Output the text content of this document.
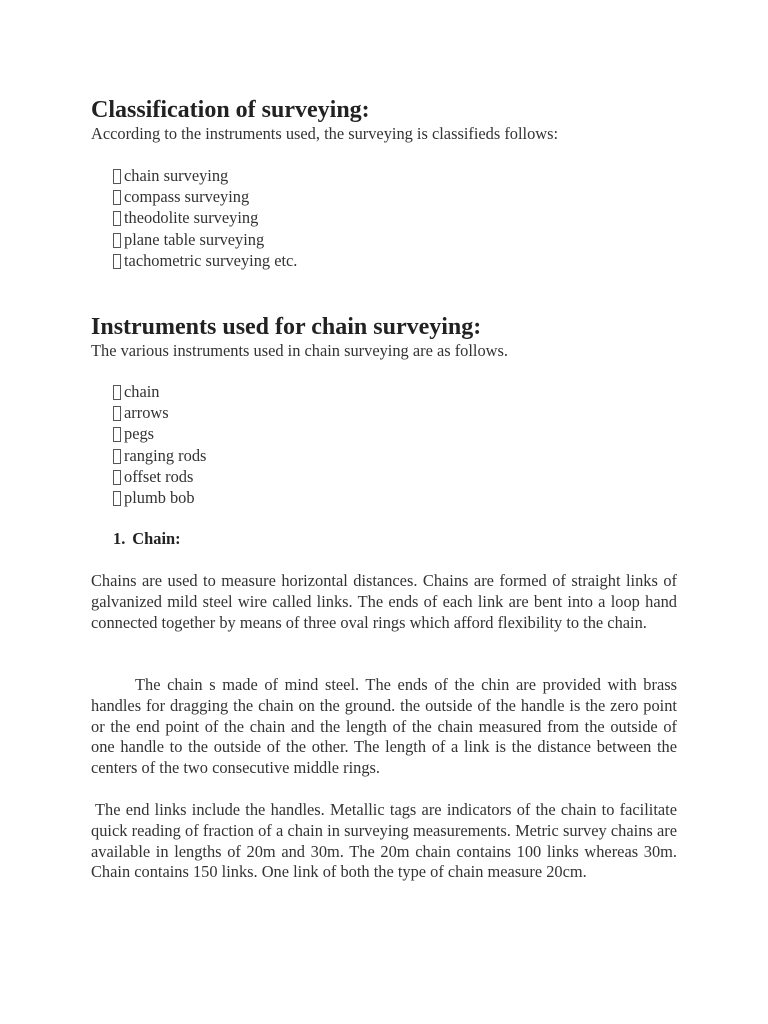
Classification of surveying:

According to the instruments used, the surveying is classifieds follows:

chain surveying
compass surveying
theodolite surveying
plane table surveying
tachometric surveying etc.
Instruments used for chain surveying:

The various instruments used in chain surveying are as follows.

chain
arrows
pegs
ranging rods
offset rods
plumb bob
1. Chain:

Chains are used to measure horizontal distances. Chains are formed of straight links of galvanized mild steel wire called links. The ends of each link are bent into a loop hand connected together by means of three oval rings which afford flexibility to the chain.

The chain s made of mind steel. The ends of the chin are provided with brass handles for dragging the chain on the ground. the outside of the handle is the zero point or the end point of the chain and the length of the chain measured from the outside of one handle to the outside of the other. The length of a link is the distance between the centers of the two consecutive middle rings.

The end links include the handles. Metallic tags are indicators of the chain to facilitate quick reading of fraction of a chain in surveying measurements. Metric survey chains are available in lengths of 20m and 30m. The 20m chain contains 100 links whereas 30m. Chain contains 150 links. One link of both the type of chain measure 20cm.
